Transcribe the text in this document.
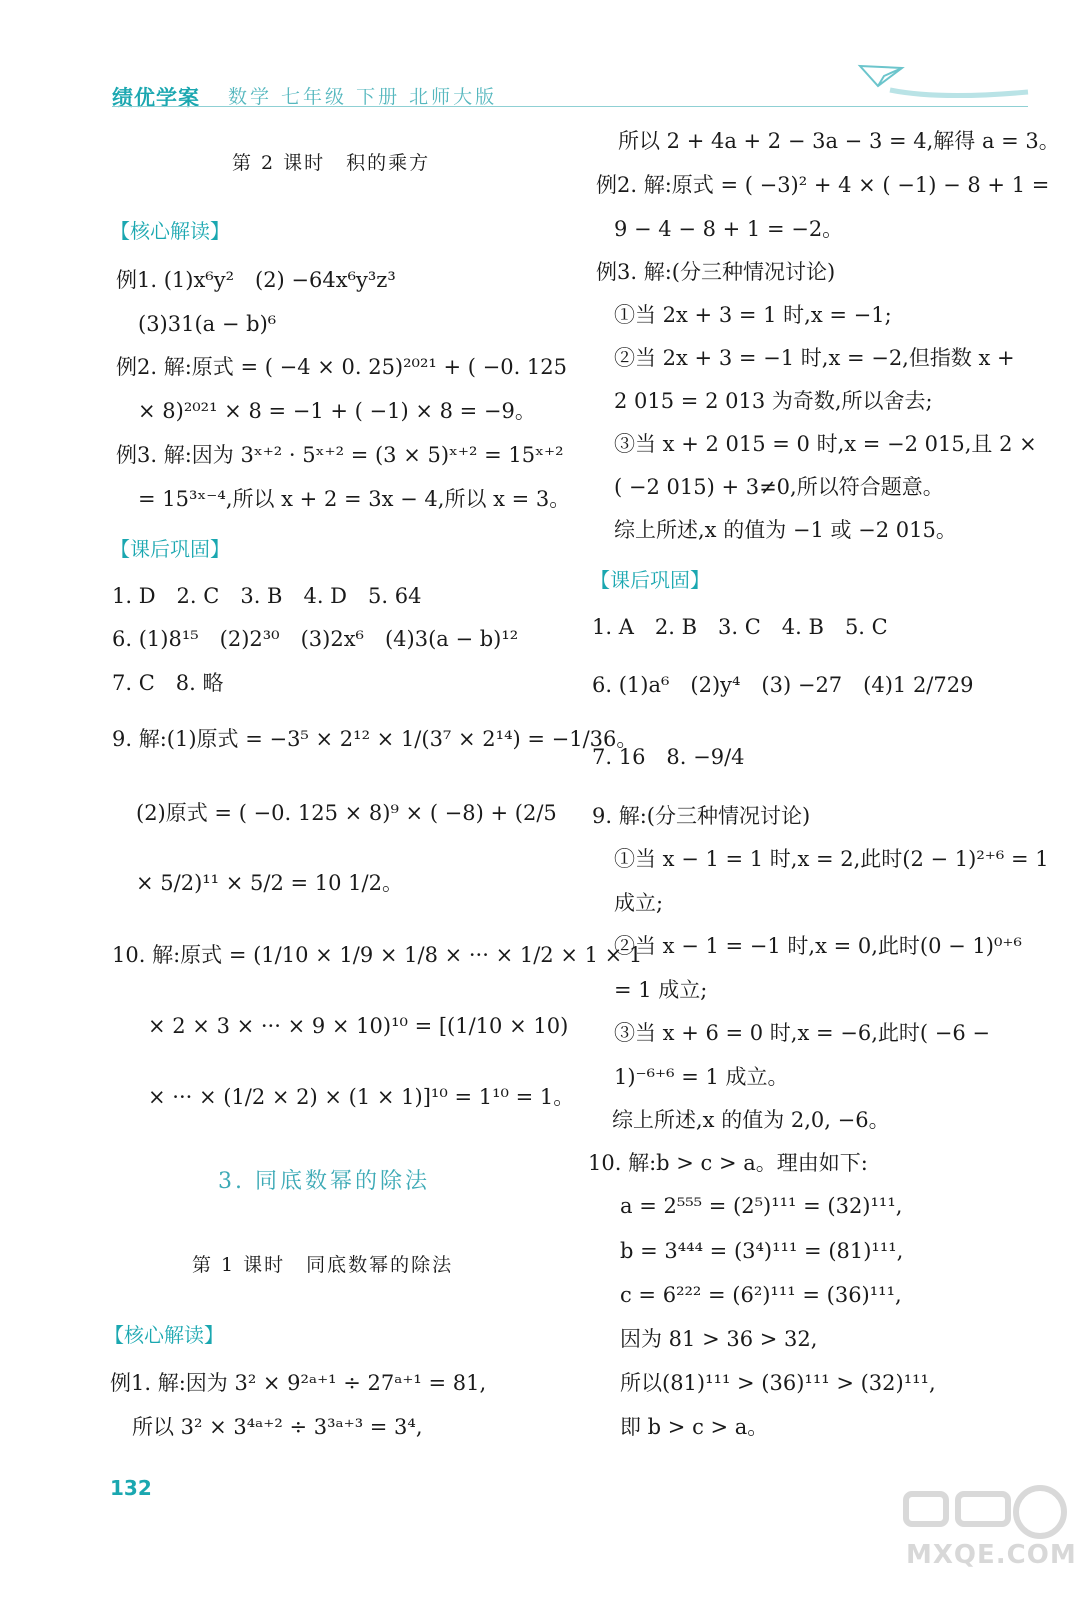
绩优学案 数学 七年级 下册 北师大版
第 2 课时　积的乘方
【核心解读】
例1. (1)x⁶y²　(2) −64x⁶y³z³
(3)31(a − b)⁶
例2. 解:原式 = ( −4 × 0. 25)²⁰²¹ + ( −0. 125
× 8)²⁰²¹ × 8 = −1 + ( −1) × 8 = −9。
例3. 解:因为 3ˣ⁺² · 5ˣ⁺² = (3 × 5)ˣ⁺² = 15ˣ⁺²
= 15³ˣ⁻⁴,所以 x + 2 = 3x − 4,所以 x = 3。
【课后巩固】
1. D　2. C　3. B　4. D　5. 64
6. (1)8¹⁵　(2)2³⁰　(3)2x⁶　(4)3(a − b)¹²
7. C　8. 略
9. 解:(1)原式 = −3⁵ × 2¹² × 1/(3⁷ × 2¹⁴) = −1/36。
(2)原式 = ( −0. 125 × 8)⁹ × ( −8) + (2/5
× 5/2)¹¹ × 5/2 = 10 1/2。
10. 解:原式 = (1/10 × 1/9 × 1/8 × ··· × 1/2 × 1 × 1
× 2 × 3 × ··· × 9 × 10)¹⁰ = [(1/10 × 10)
× ··· × (1/2 × 2) × (1 × 1)]¹⁰ = 1¹⁰ = 1。
3. 同底数幂的除法
第 1 课时　同底数幂的除法
【核心解读】
例1. 解:因为 3² × 9²ᵃ⁺¹ ÷ 27ᵃ⁺¹ = 81,
所以 3² × 3⁴ᵃ⁺² ÷ 3³ᵃ⁺³ = 3⁴,
所以 2 + 4a + 2 − 3a − 3 = 4,解得 a = 3。
例2. 解:原式 = ( −3)² + 4 × ( −1) − 8 + 1 =
9 − 4 − 8 + 1 = −2。
例3. 解:(分三种情况讨论)
①当 2x + 3 = 1 时,x = −1;
②当 2x + 3 = −1 时,x = −2,但指数 x +
2 015 = 2 013 为奇数,所以舍去;
③当 x + 2 015 = 0 时,x = −2 015,且 2 ×
( −2 015) + 3≠0,所以符合题意。
综上所述,x 的值为 −1 或 −2 015。
【课后巩固】
1. A　2. B　3. C　4. B　5. C
6. (1)a⁶　(2)y⁴　(3) −27　(4)1 2/729
7. 16　8. −9/4
9. 解:(分三种情况讨论)
①当 x − 1 = 1 时,x = 2,此时(2 − 1)²⁺⁶ = 1
成立;
②当 x − 1 = −1 时,x = 0,此时(0 − 1)⁰⁺⁶
= 1 成立;
③当 x + 6 = 0 时,x = −6,此时( −6 −
1)⁻⁶⁺⁶ = 1 成立。
综上所述,x 的值为 2,0, −6。
10. 解:b > c > a。理由如下:
a = 2⁵⁵⁵ = (2⁵)¹¹¹ = (32)¹¹¹,
b = 3⁴⁴⁴ = (3⁴)¹¹¹ = (81)¹¹¹,
c = 6²²² = (6²)¹¹¹ = (36)¹¹¹,
因为 81 > 36 > 32,
所以(81)¹¹¹ > (36)¹¹¹ > (32)¹¹¹,
即 b > c > a。
132
MXQE.COM
